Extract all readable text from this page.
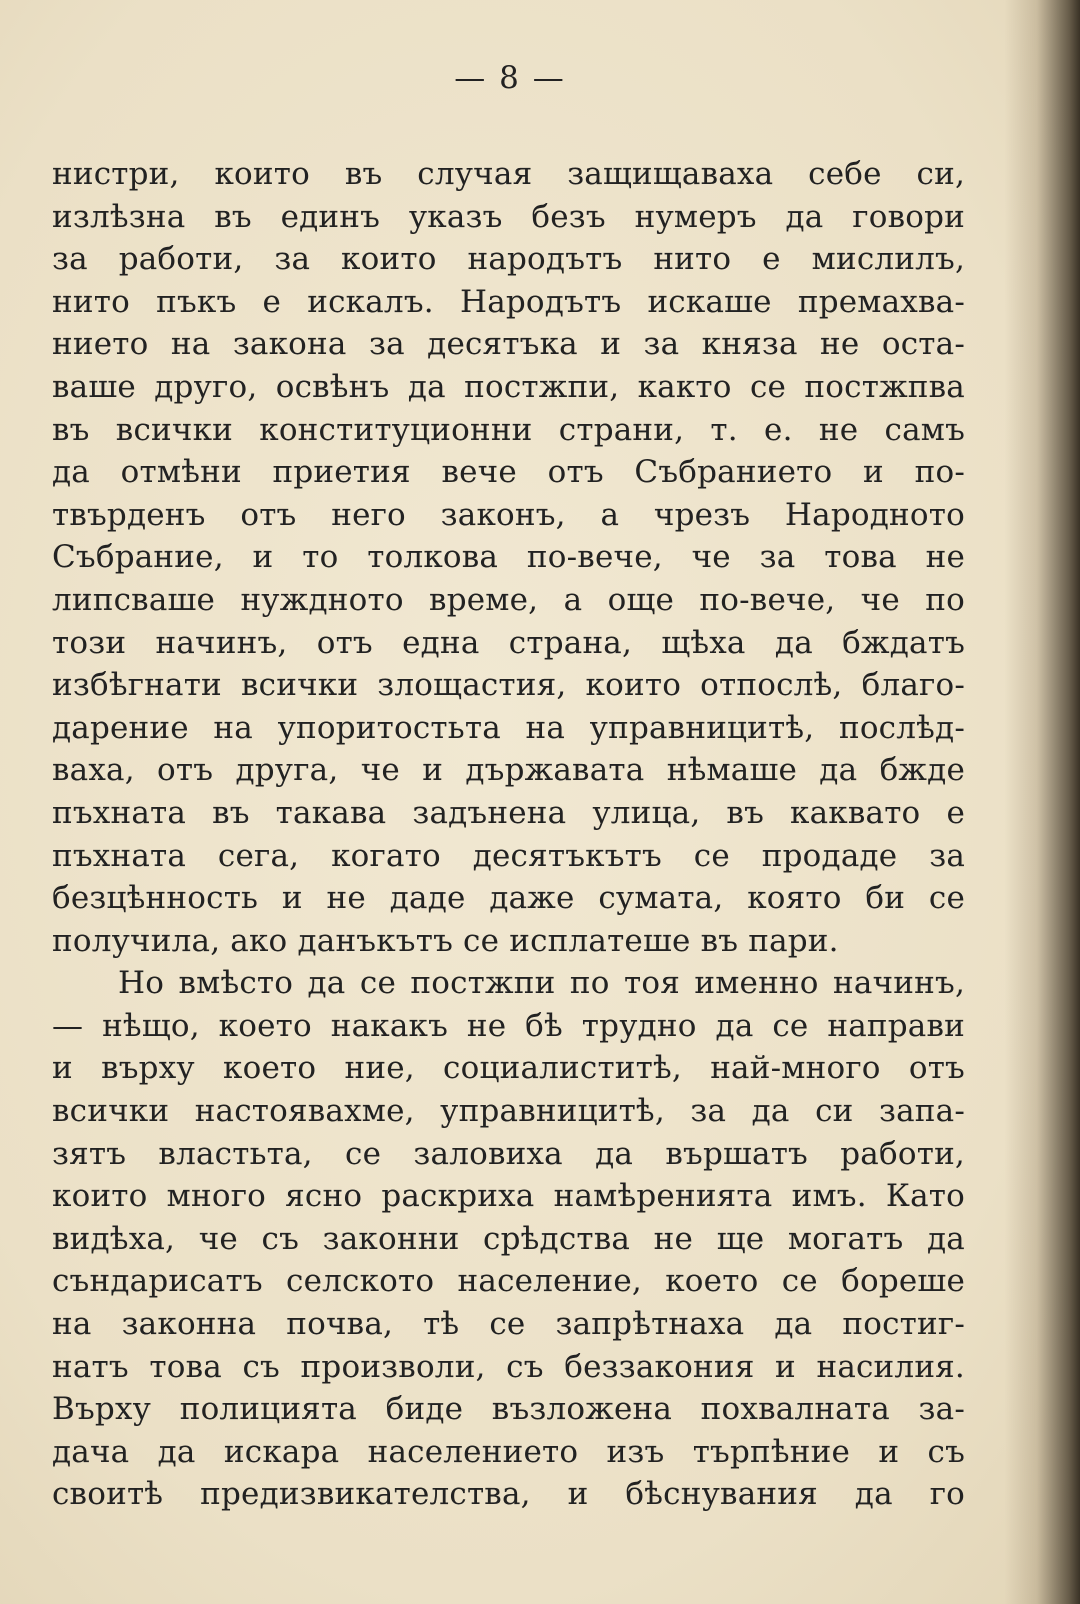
— 8 —
нистри, които въ случая защищаваха себе си,
излѣзна въ единъ указъ безъ нумеръ да говори
за работи, за които народътъ нито е мислилъ,
нито пъкъ е искалъ. Народътъ искаше премахва-
нието на закона за десятъка и за княза не оста-
ваше друго, освѣнъ да постжпи, както се постжпва
въ всички конституционни страни, т. е. не самъ
да отмѣни приетия вече отъ Събранието и по-
твърденъ отъ него законъ, а чрезъ Народното
Събрание, и то толкова по-вече, че за това не
липсваше нуждното време, а още по-вече, че по
този начинъ, отъ една страна, щѣха да бждатъ
избѣгнати всички злощастия, които отпослѣ, благо-
дарение на упоритостьта на управницитѣ, послѣд-
ваха, отъ друга, че и държавата нѣмаше да бжде
пъхната въ такава задънена улица, въ каквато е
пъхната сега, когато десятъкътъ се продаде за
безцѣнность и не даде даже сумата, която би се
получила, ако данъкътъ се исплатеше въ пари.
Но вмѣсто да се постжпи по тоя именно начинъ,
— нѣщо, което накакъ не бѣ трудно да се направи
и върху което ние, социалиститѣ, най-много отъ
всички настоявахме, управницитѣ, за да си запа-
зятъ властьта, се заловиха да вършатъ работи,
които много ясно раскриха намѣренията имъ. Като
видѣха, че съ законни срѣдства не ще могатъ да
съндарисатъ селското население, което се бореше
на законна почва, тѣ се запрѣтнаха да постиг-
натъ това съ произволи, съ беззакония и насилия.
Върху полицията биде възложена похвалната за-
дача да искара населението изъ търпѣние и съ
своитѣ предизвикателства, и бѣснувания да го
